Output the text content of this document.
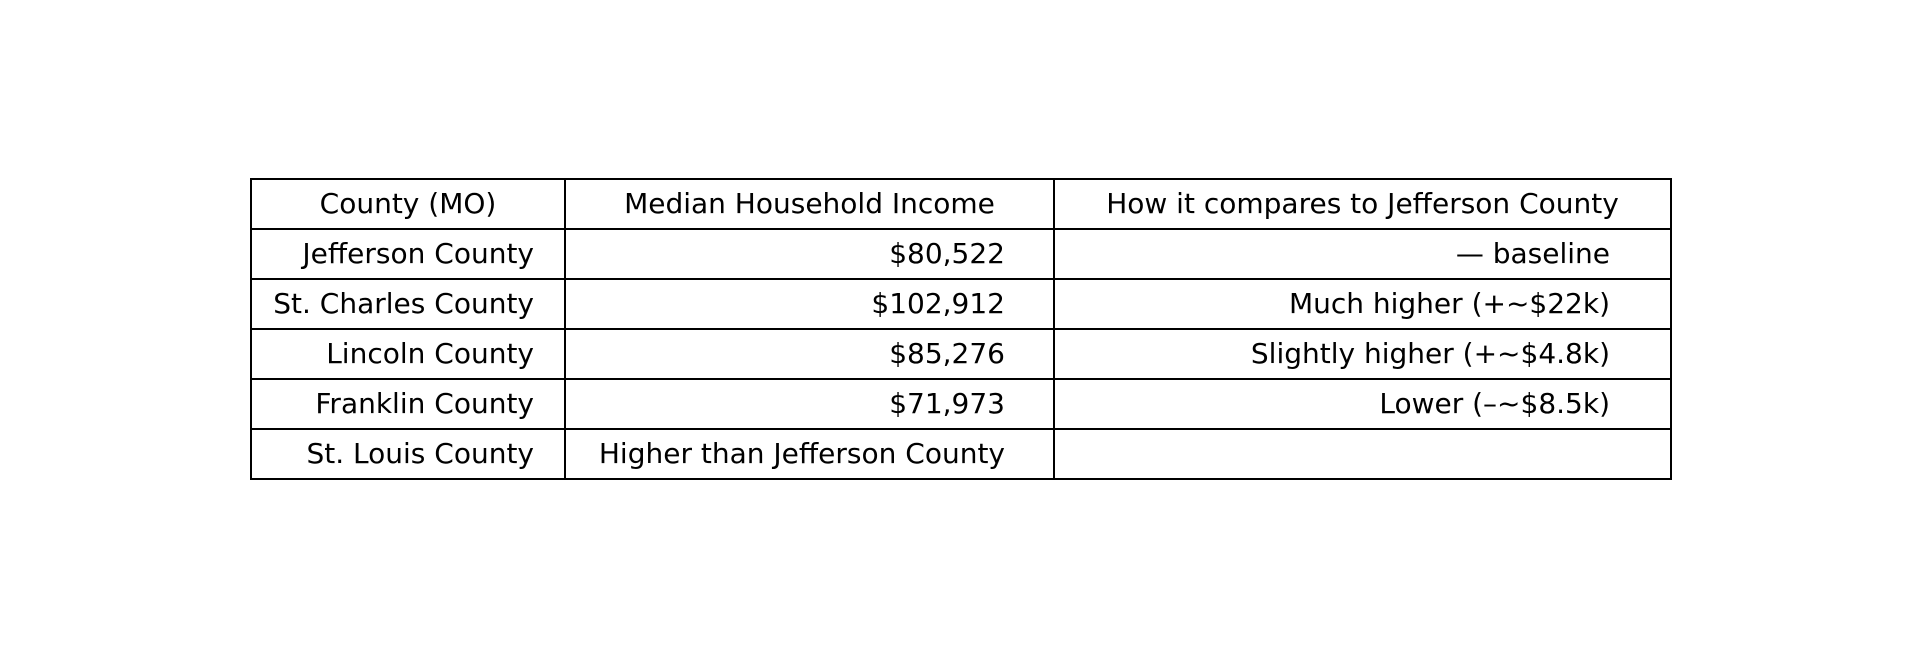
County (MO)	Median Household Income	How it compares to Jefferson County
Jefferson County	$80,522	— baseline
St. Charles County	$102,912	Much higher (+~$22k)
Lincoln County	$85,276	Slightly higher (+~$4.8k)
Franklin County	$71,973	Lower (–~$8.5k)
St. Louis County	Higher than Jefferson County	
